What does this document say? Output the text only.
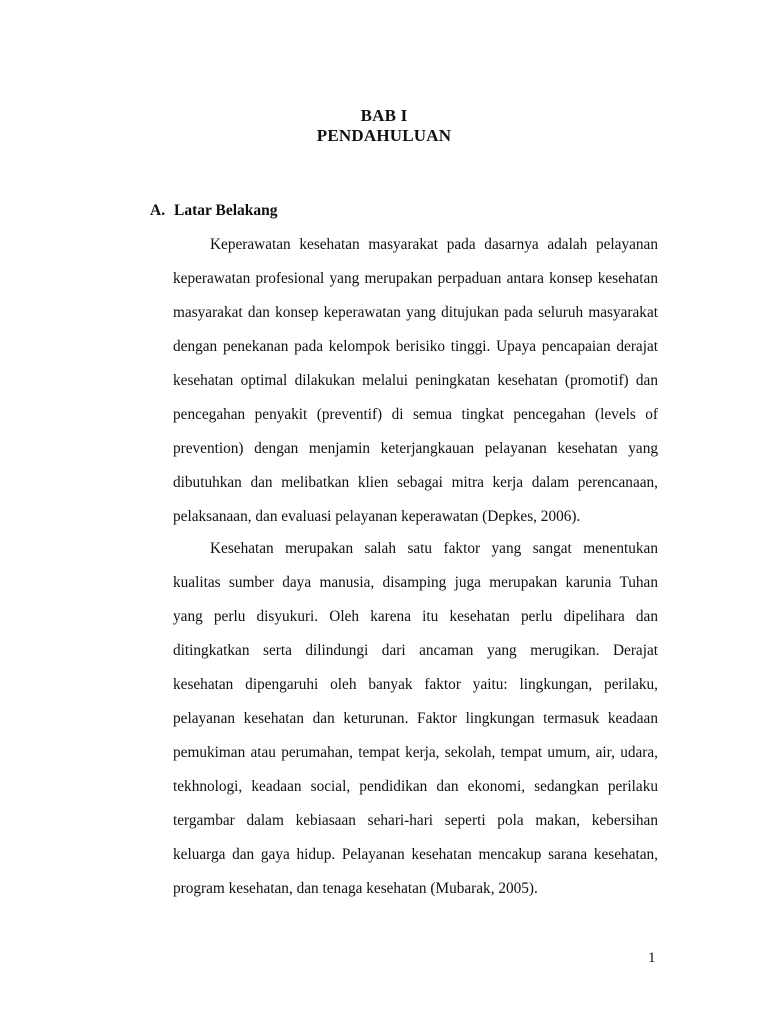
BAB I
PENDAHULUAN
A. Latar Belakang
Keperawatan kesehatan masyarakat pada dasarnya adalah pelayanan
keperawatan profesional yang merupakan perpaduan antara konsep kesehatan
masyarakat dan konsep keperawatan yang ditujukan pada seluruh masyarakat
dengan penekanan pada kelompok berisiko tinggi. Upaya pencapaian derajat
kesehatan optimal dilakukan melalui peningkatan kesehatan (promotif) dan
pencegahan penyakit (preventif) di semua tingkat pencegahan (levels of
prevention) dengan menjamin keterjangkauan pelayanan kesehatan yang
dibutuhkan dan melibatkan klien sebagai mitra kerja dalam perencanaan,
pelaksanaan, dan evaluasi pelayanan keperawatan (Depkes, 2006).
Kesehatan merupakan salah satu faktor yang sangat menentukan
kualitas sumber daya manusia, disamping juga merupakan karunia Tuhan
yang perlu disyukuri. Oleh karena itu kesehatan perlu dipelihara dan
ditingkatkan serta dilindungi dari ancaman yang merugikan. Derajat
kesehatan dipengaruhi oleh banyak faktor yaitu: lingkungan, perilaku,
pelayanan kesehatan dan keturunan. Faktor lingkungan termasuk keadaan
pemukiman atau perumahan, tempat kerja, sekolah, tempat umum, air, udara,
tekhnologi, keadaan social, pendidikan dan ekonomi, sedangkan perilaku
tergambar dalam kebiasaan sehari-hari seperti pola makan, kebersihan
keluarga dan gaya hidup. Pelayanan kesehatan mencakup sarana kesehatan,
program kesehatan, dan tenaga kesehatan (Mubarak, 2005).
1
